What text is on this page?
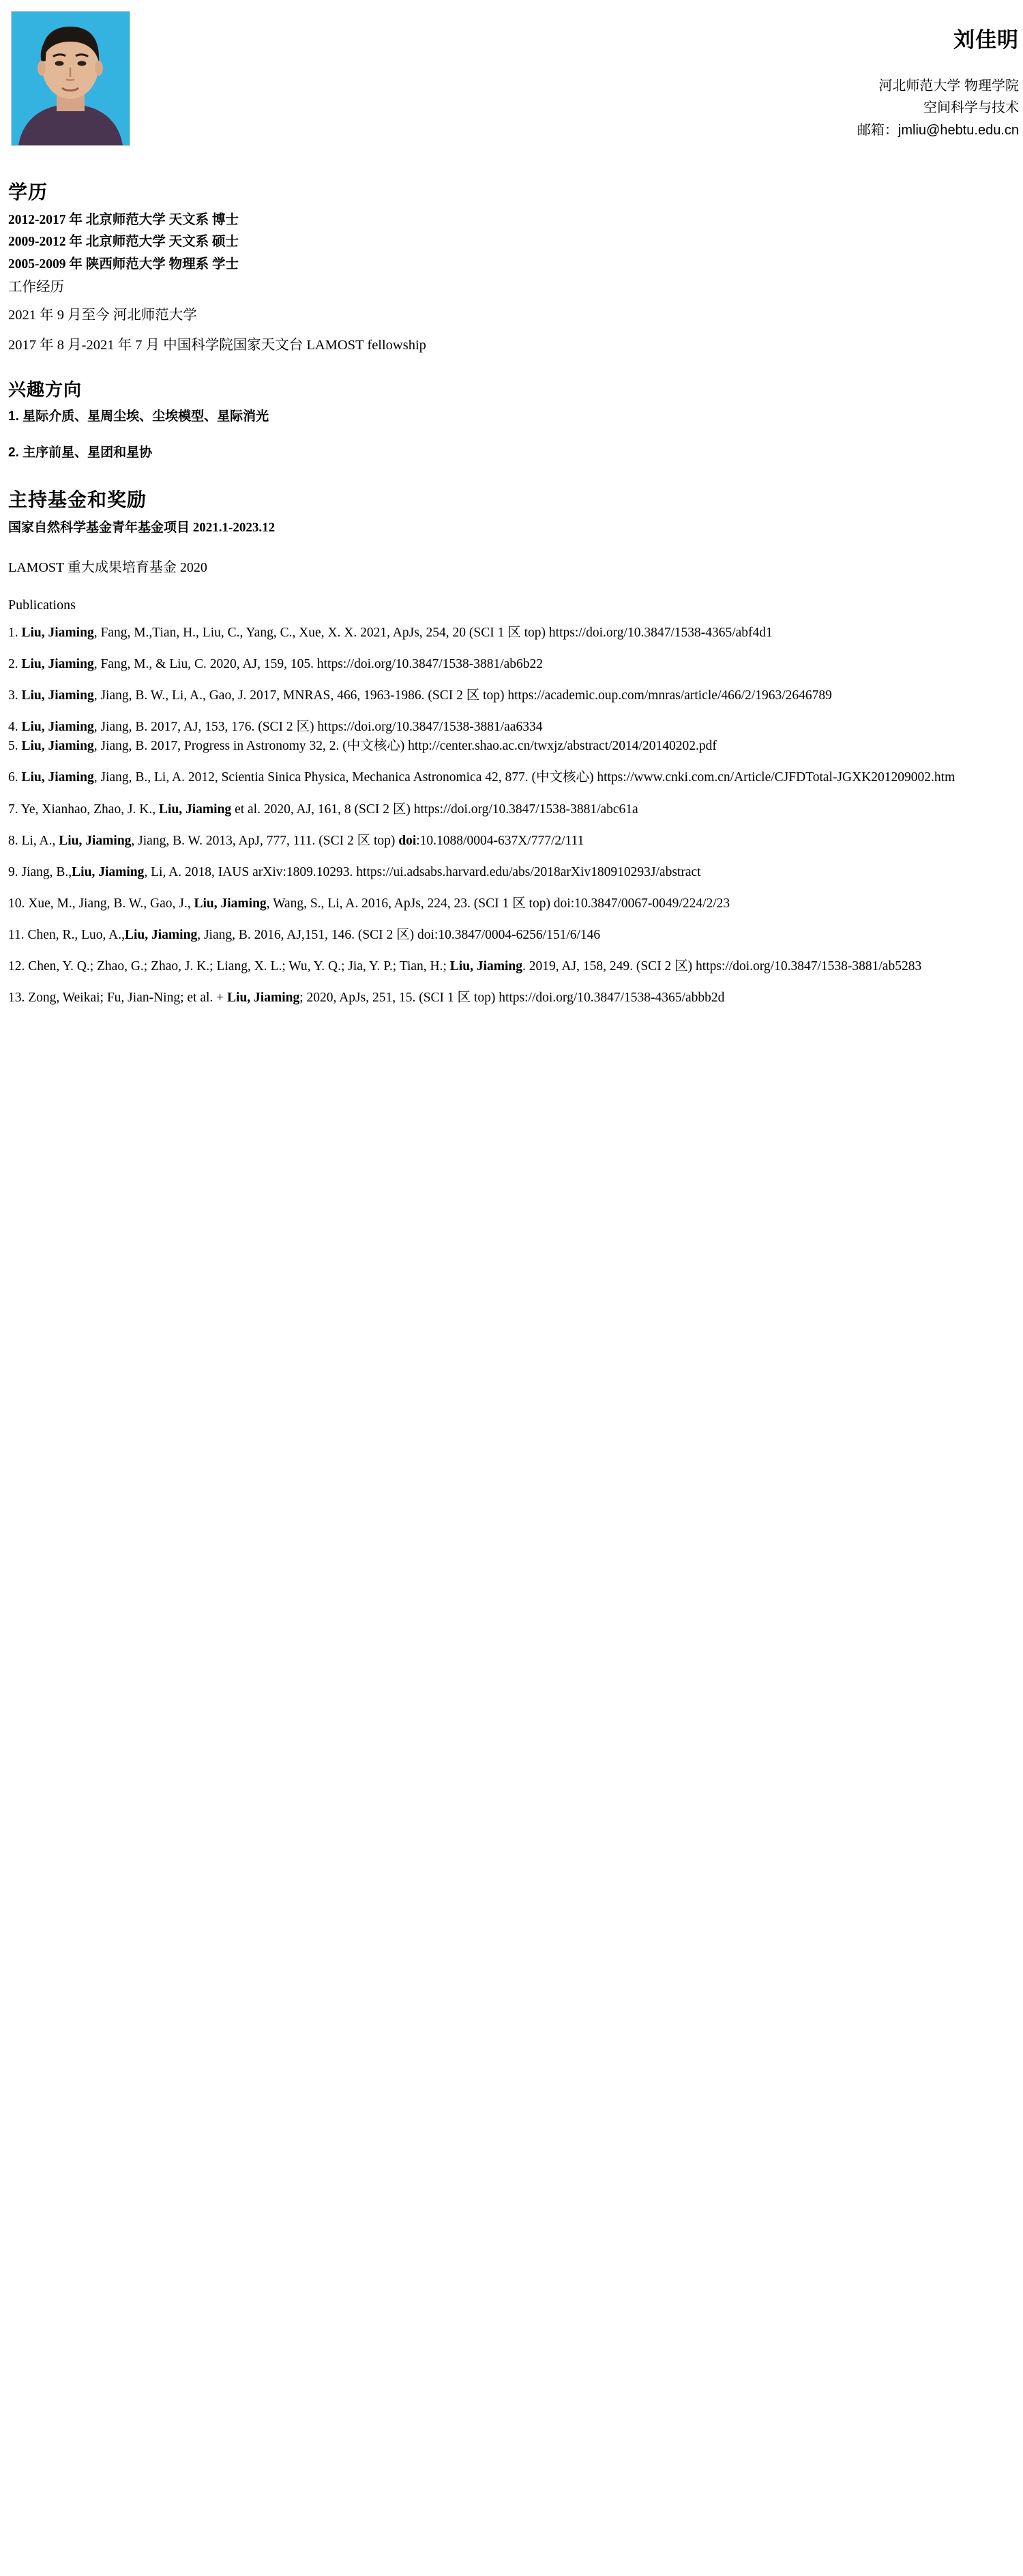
刘佳明
河北师范大学 物理学院
空间科学与技术
邮箱：jmliu@hebtu.edu.cn
学历
2012-2017 年 北京师范大学 天文系 博士
2009-2012 年 北京师范大学 天文系 硕士
2005-2009 年 陕西师范大学 物理系 学士
工作经历
2021 年 9 月至今 河北师范大学
2017 年 8 月-2021 年 7 月 中国科学院国家天文台 LAMOST fellowship
兴趣方向
1. 星际介质、星周尘埃、尘埃模型、星际消光
2. 主序前星、星团和星协
主持基金和奖励
国家自然科学基金青年基金项目 2021.1-2023.12
LAMOST 重大成果培育基金 2020
Publications
1. Liu, Jiaming, Fang, M.,Tian, H., Liu, C., Yang, C., Xue, X. X. 2021, ApJs, 254, 20 (SCI 1 区 top) https://doi.org/10.3847/1538-4365/abf4d1
2. Liu, Jiaming, Fang, M., & Liu, C. 2020, AJ, 159, 105. https://doi.org/10.3847/1538-3881/ab6b22
3. Liu, Jiaming, Jiang, B. W., Li, A., Gao, J. 2017, MNRAS, 466, 1963-1986. (SCI 2 区 top) https://academic.oup.com/mnras/article/466/2/1963/2646789
4. Liu, Jiaming, Jiang, B. 2017, AJ, 153, 176. (SCI 2 区) https://doi.org/10.3847/1538-3881/aa6334
5. Liu, Jiaming, Jiang, B. 2017, Progress in Astronomy 32, 2. (中文核心) http://center.shao.ac.cn/twxjz/abstract/2014/20140202.pdf
6. Liu, Jiaming, Jiang, B., Li, A. 2012, Scientia Sinica Physica, Mechanica Astronomica 42, 877. (中文核心) https://www.cnki.com.cn/Article/CJFDTotal-JGXK201209002.htm
7. Ye, Xianhao, Zhao, J. K., Liu, Jiaming et al. 2020, AJ, 161, 8 (SCI 2 区) https://doi.org/10.3847/1538-3881/abc61a
8. Li, A., Liu, Jiaming, Jiang, B. W. 2013, ApJ, 777, 111. (SCI 2 区 top) doi:10.1088/0004-637X/777/2/111
9. Jiang, B.,Liu, Jiaming, Li, A. 2018, IAUS arXiv:1809.10293. https://ui.adsabs.harvard.edu/abs/2018arXiv180910293J/abstract
10. Xue, M., Jiang, B. W., Gao, J., Liu, Jiaming, Wang, S., Li, A. 2016, ApJs, 224, 23. (SCI 1 区 top) doi:10.3847/0067-0049/224/2/23
11. Chen, R., Luo, A.,Liu, Jiaming, Jiang, B. 2016, AJ,151, 146. (SCI 2 区) doi:10.3847/0004-6256/151/6/146
12. Chen, Y. Q.; Zhao, G.; Zhao, J. K.; Liang, X. L.; Wu, Y. Q.; Jia, Y. P.; Tian, H.; Liu, Jiaming. 2019, AJ, 158, 249. (SCI 2 区) https://doi.org/10.3847/1538-3881/ab5283
13. Zong, Weikai; Fu, Jian-Ning; et al. + Liu, Jiaming; 2020, ApJs, 251, 15. (SCI 1 区 top) https://doi.org/10.3847/1538-4365/abbb2d
